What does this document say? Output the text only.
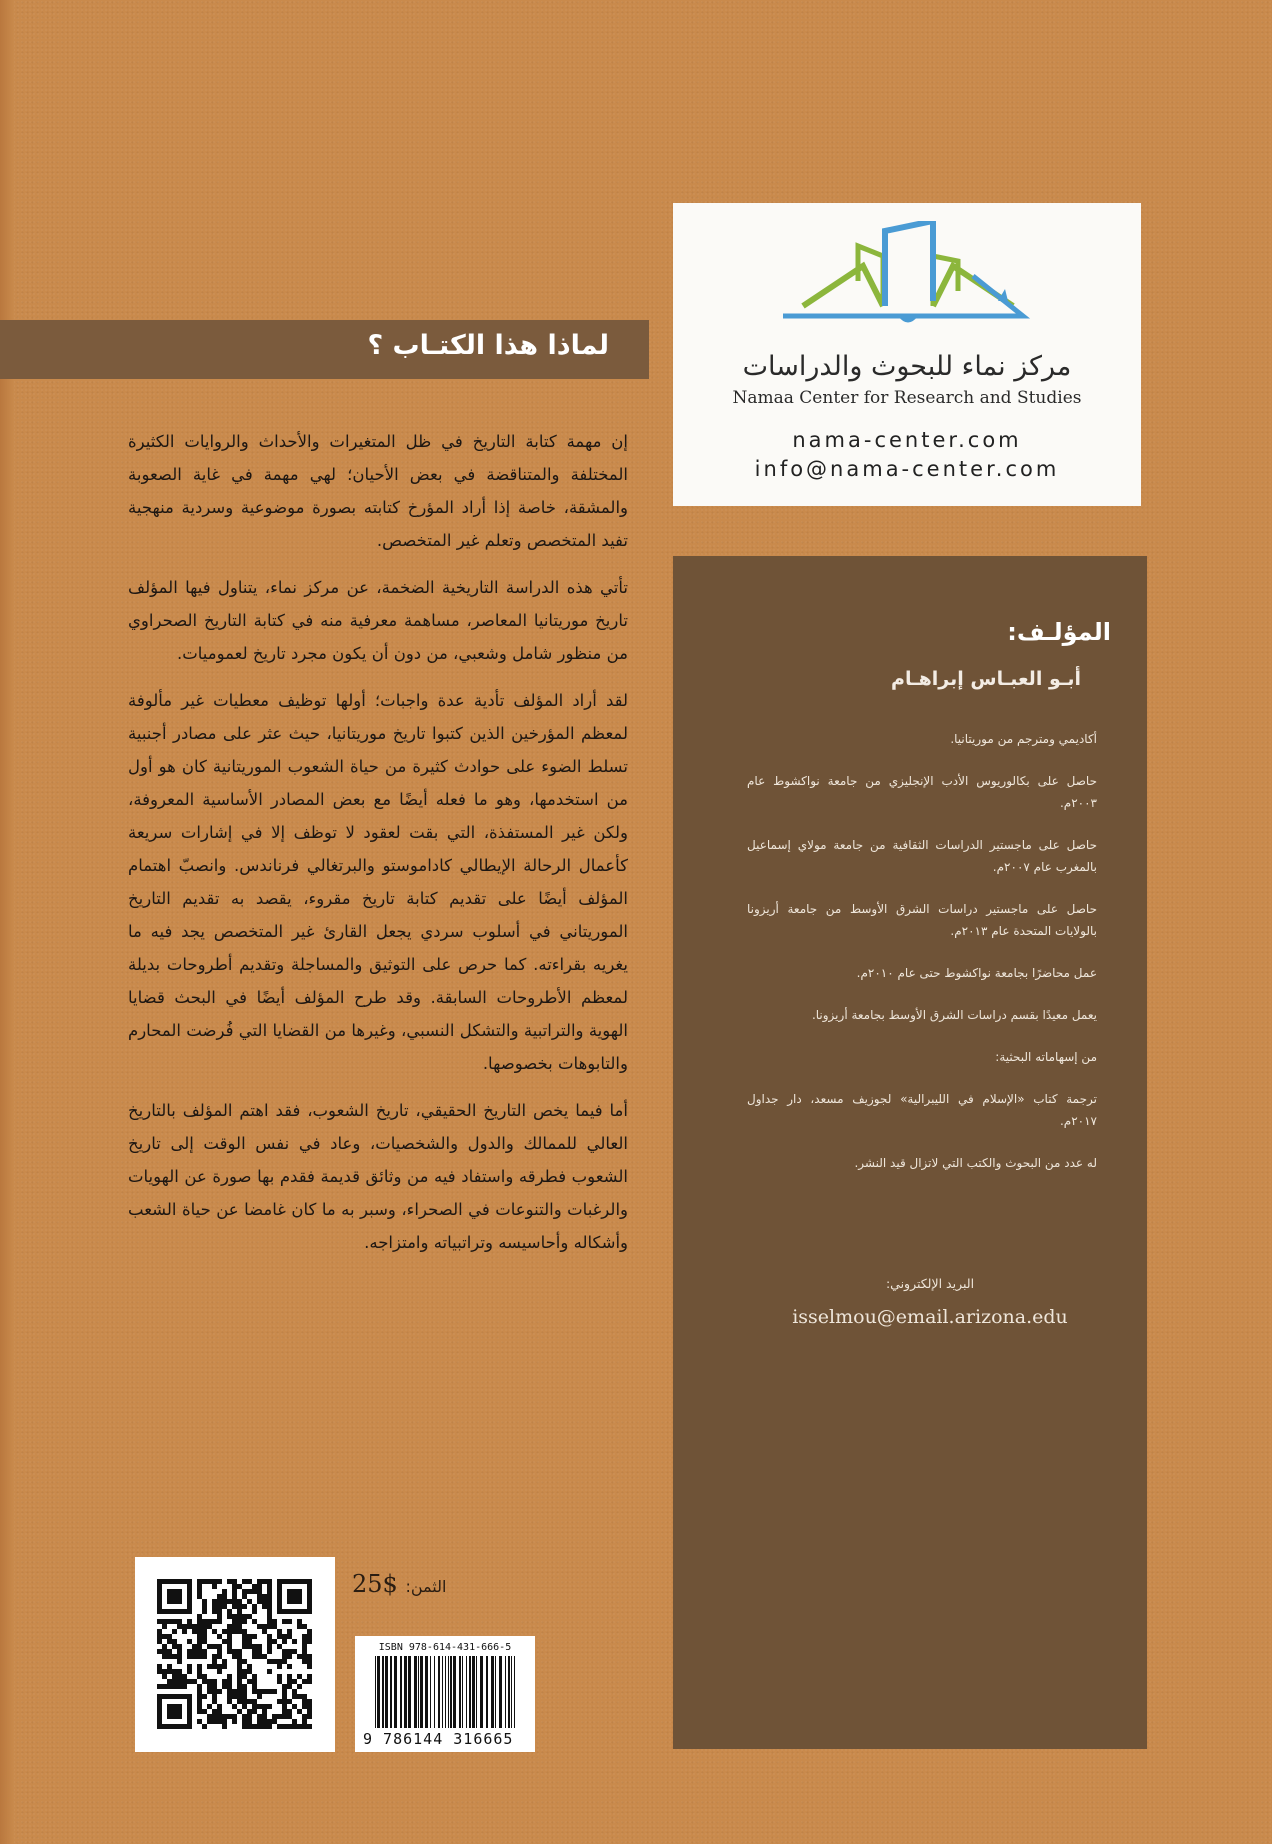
مركز نماء للبحوث والدراسات
Namaa Center for Research and Studies
nama-center.com
info@nama-center.com
لماذا هذا الكتـاب ؟

إن مهمة كتابة التاريخ في ظل المتغيرات والأحداث والروايات الكثيرة المختلفة والمتناقضة في بعض الأحيان؛ لهي مهمة في غاية الصعوبة والمشقة، خاصة إذا أراد المؤرخ كتابته بصورة موضوعية وسردية منهجية تفيد المتخصص وتعلم غير المتخصص.

تأتي هذه الدراسة التاريخية الضخمة، عن مركز نماء، يتناول فيها المؤلف تاريخ موريتانيا المعاصر، مساهمة معرفية منه في كتابة التاريخ الصحراوي من منظور شامل وشعبي، من دون أن يكون مجرد تاريخ لعموميات.

لقد أراد المؤلف تأدية عدة واجبات؛ أولها توظيف معطيات غير مألوفة لمعظم المؤرخين الذين كتبوا تاريخ موريتانيا، حيث عثر على مصادر أجنبية تسلط الضوء على حوادث كثيرة من حياة الشعوب الموريتانية كان هو أول من استخدمها، وهو ما فعله أيضًا مع بعض المصادر الأساسية المعروفة، ولكن غير المستفذة، التي بقت لعقود لا توظف إلا في إشارات سريعة كأعمال الرحالة الإيطالي كاداموستو والبرتغالي فرناندس. وانصبّ اهتمام المؤلف أيضًا على تقديم كتابة تاريخ مقروء، يقصد به تقديم التاريخ الموريتاني في أسلوب سردي يجعل القارئ غير المتخصص يجد فيه ما يغريه بقراءته. كما حرص على التوثيق والمساجلة وتقديم أطروحات بديلة لمعظم الأطروحات السابقة. وقد طرح المؤلف أيضًا في البحث قضايا الهوية والتراتبية والتشكل النسبي، وغيرها من القضايا التي فُرضت المحارم والتابوهات بخصوصها.

أما فيما يخص التاريخ الحقيقي، تاريخ الشعوب، فقد اهتم المؤلف بالتاريخ العالي للممالك والدول والشخصيات، وعاد في نفس الوقت إلى تاريخ الشعوب فطرقه واستفاد فيه من وثائق قديمة فقدم بها صورة عن الهويات والرغبات والتنوعات في الصحراء، وسبر به ما كان غامضا عن حياة الشعب وأشكاله وأحاسيسه وتراتبياته وامتزاجه.

المؤلـف:
أبـو العبـاس إبراهـام
أكاديمي ومترجم من موريتانيا.
حاصل على بكالوريوس الأدب الإنجليزي من جامعة نواكشوط عام ٢٠٠٣م.
حاصل على ماجستير الدراسات الثقافية من جامعة مولاي إسماعيل بالمغرب عام ٢٠٠٧م.
حاصل على ماجستير دراسات الشرق الأوسط من جامعة أريزونا بالولايات المتحدة عام ٢٠١٣م.
عمل محاضرًا بجامعة نواكشوط حتى عام ٢٠١٠م.
يعمل معيدًا بقسم دراسات الشرق الأوسط بجامعة أريزونا.
من إسهاماته البحثية:
ترجمة كتاب «الإسلام في الليبرالية» لجوزيف مسعد، دار جداول ٢٠١٧م.
له عدد من البحوث والكتب التي لاتزال قيد النشر.
البريد الإلكتروني:
isselmou@email.arizona.edu
الثمن: $25
ISBN 978-614-431-666-5
9 786144 316665
